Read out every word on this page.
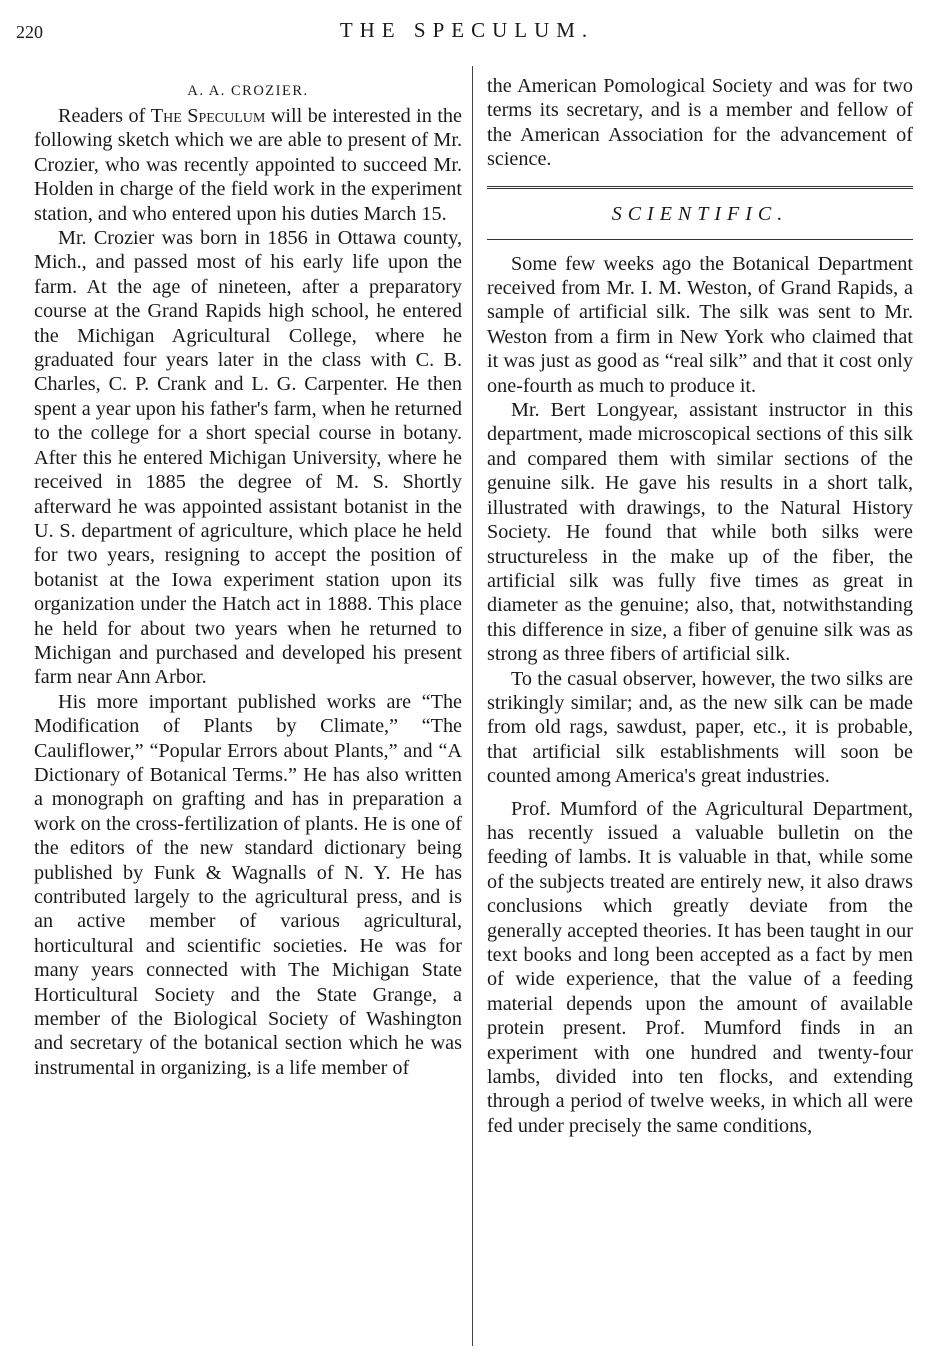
220	THE SPECULUM.
A. A. CROZIER.

Readers of The Speculum will be interested in the following sketch which we are able to present of Mr. Crozier, who was recently appointed to succeed Mr. Holden in charge of the field work in the experiment station, and who entered upon his duties March 15.

Mr. Crozier was born in 1856 in Ottawa county, Mich., and passed most of his early life upon the farm. At the age of nineteen, after a preparatory course at the Grand Rapids high school, he entered the Michigan Agricultural College, where he graduated four years later in the class with C. B. Charles, C. P. Crank and L. G. Carpenter. He then spent a year upon his father's farm, when he returned to the college for a short special course in botany. After this he entered Michigan University, where he received in 1885 the degree of M. S. Shortly afterward he was appointed assistant botanist in the U. S. department of agriculture, which place he held for two years, resigning to accept the position of botanist at the Iowa experiment station upon its organization under the Hatch act in 1888. This place he held for about two years when he returned to Michigan and purchased and developed his present farm near Ann Arbor.

His more important published works are “The Modification of Plants by Climate,” “The Cauliflower,” “Popular Errors about Plants,” and “A Dictionary of Botanical Terms.” He has also written a monograph on grafting and has in preparation a work on the cross-fertilization of plants. He is one of the editors of the new standard dictionary being published by Funk & Wagnalls of N. Y. He has contributed largely to the agricultural press, and is an active member of various agricultural, horticultural and scientific societies. He was for many years connected with The Michigan State Horticultural Society and the State Grange, a member of the Biological Society of Washington and secretary of the botanical section which he was instrumental in organizing, is a life member of

the American Pomological Society and was for two terms its secretary, and is a member and fellow of the American Association for the advancement of science.

SCIENTIFIC.

Some few weeks ago the Botanical Department received from Mr. I. M. Weston, of Grand Rapids, a sample of artificial silk. The silk was sent to Mr. Weston from a firm in New York who claimed that it was just as good as “real silk” and that it cost only one-fourth as much to produce it.

Mr. Bert Longyear, assistant instructor in this department, made microscopical sections of this silk and compared them with similar sections of the genuine silk. He gave his results in a short talk, illustrated with drawings, to the Natural History Society. He found that while both silks were structureless in the make up of the fiber, the artificial silk was fully five times as great in diameter as the genuine; also, that, notwithstanding this difference in size, a fiber of genuine silk was as strong as three fibers of artificial silk.

To the casual observer, however, the two silks are strikingly similar; and, as the new silk can be made from old rags, sawdust, paper, etc., it is probable, that artificial silk establishments will soon be counted among America's great industries.

Prof. Mumford of the Agricultural Department, has recently issued a valuable bulletin on the feeding of lambs. It is valuable in that, while some of the subjects treated are entirely new, it also draws conclusions which greatly deviate from the generally accepted theories. It has been taught in our text books and long been accepted as a fact by men of wide experience, that the value of a feeding material depends upon the amount of available protein present. Prof. Mumford finds in an experiment with one hundred and twenty-four lambs, divided into ten flocks, and extending through a period of twelve weeks, in which all were fed under precisely the same conditions,
